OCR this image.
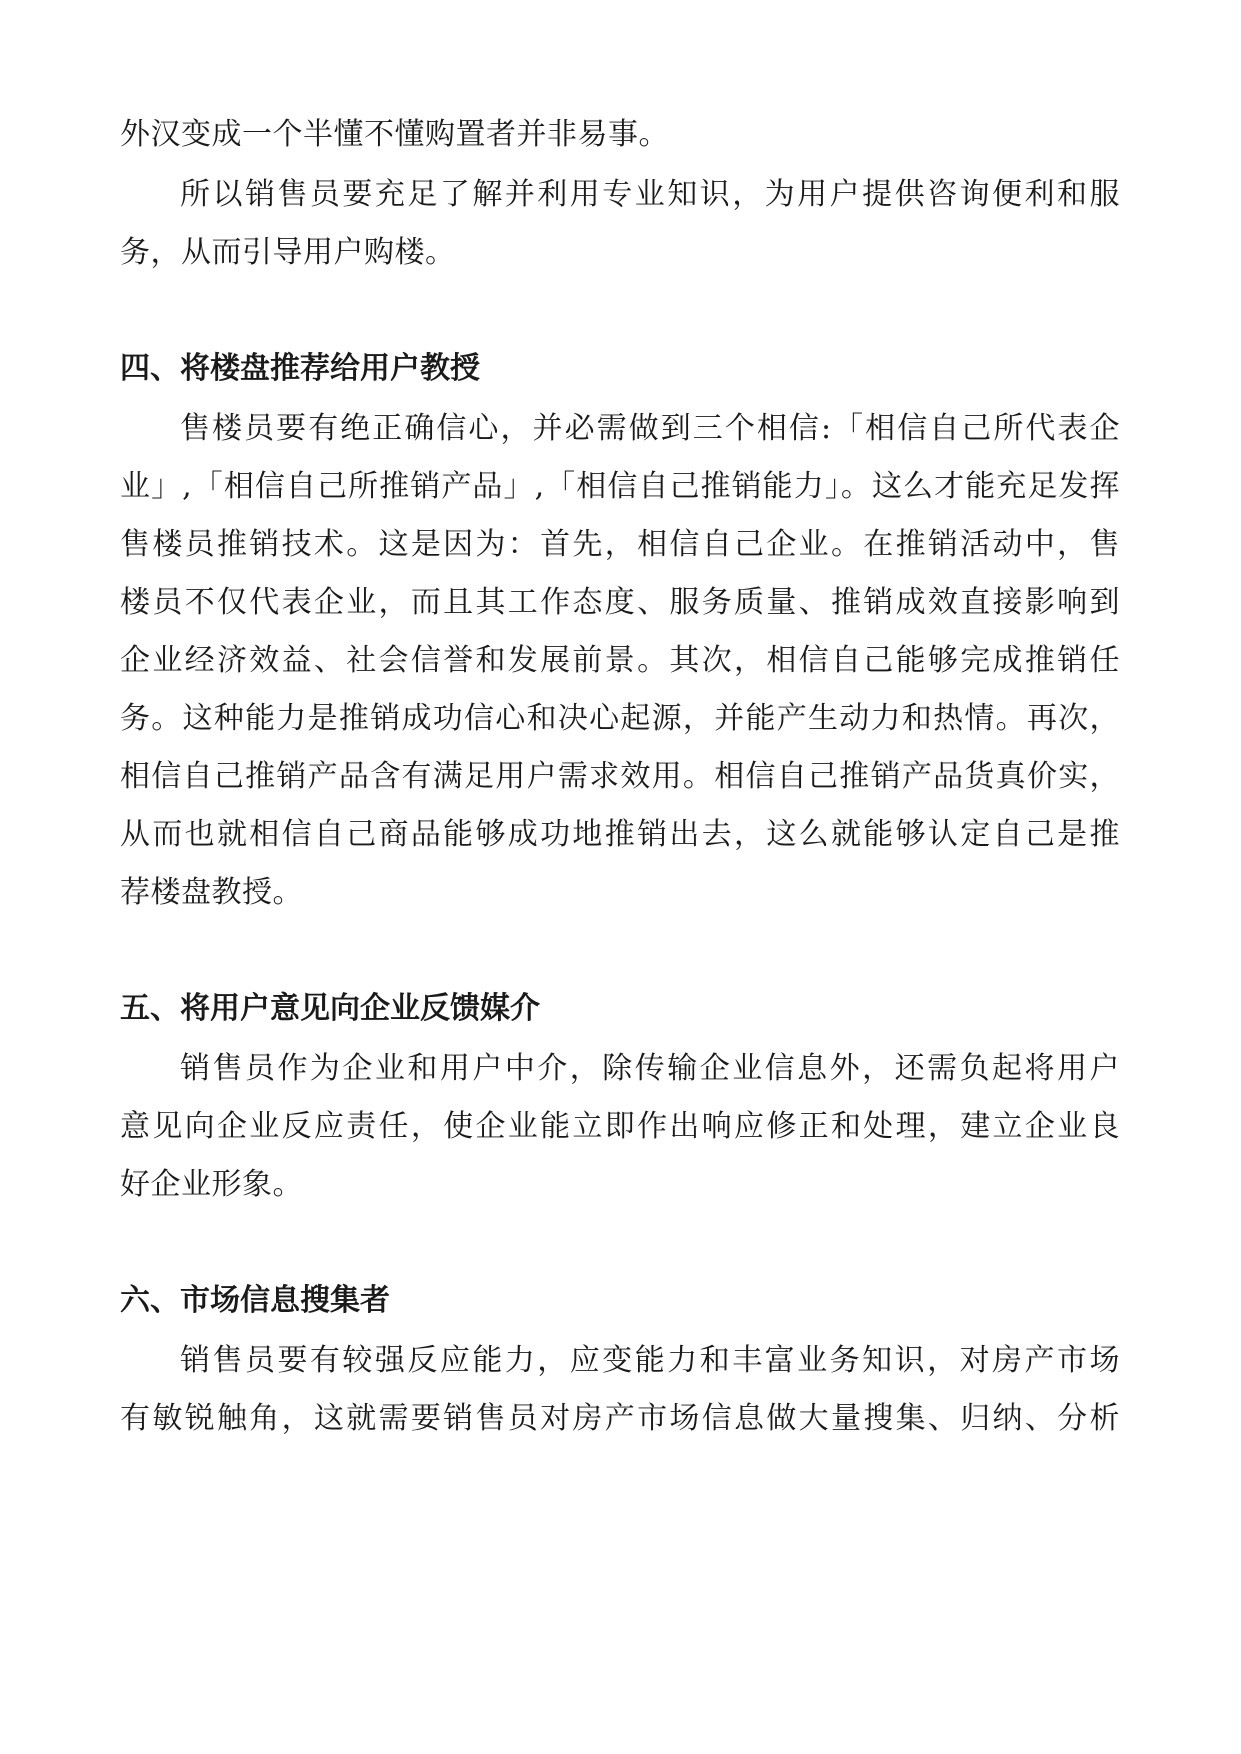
外汉变成一个半懂不懂购置者并非易事。
所以销售员要充足了解并利用专业知识，为用户提供咨询便利和服
务，从而引导用户购楼。
四、将楼盘推荐给用户教授
售楼员要有绝正确信心，并必需做到三个相信:「相信自己所代表企
业」,「相信自己所推销产品」,「相信自己推销能力」。这么才能充足发挥
售楼员推销技术。这是因为：首先，相信自己企业。在推销活动中，售
楼员不仅代表企业，而且其工作态度、服务质量、推销成效直接影响到
企业经济效益、社会信誉和发展前景。其次，相信自己能够完成推销任
务。这种能力是推销成功信心和决心起源，并能产生动力和热情。再次，
相信自己推销产品含有满足用户需求效用。相信自己推销产品货真价实，
从而也就相信自己商品能够成功地推销出去，这么就能够认定自己是推
荐楼盘教授。
五、将用户意见向企业反馈媒介
销售员作为企业和用户中介，除传输企业信息外，还需负起将用户
意见向企业反应责任，使企业能立即作出响应修正和处理，建立企业良
好企业形象。
六、市场信息搜集者
销售员要有较强反应能力，应变能力和丰富业务知识，对房产市场
有敏锐触角，这就需要销售员对房产市场信息做大量搜集、归纳、分析
